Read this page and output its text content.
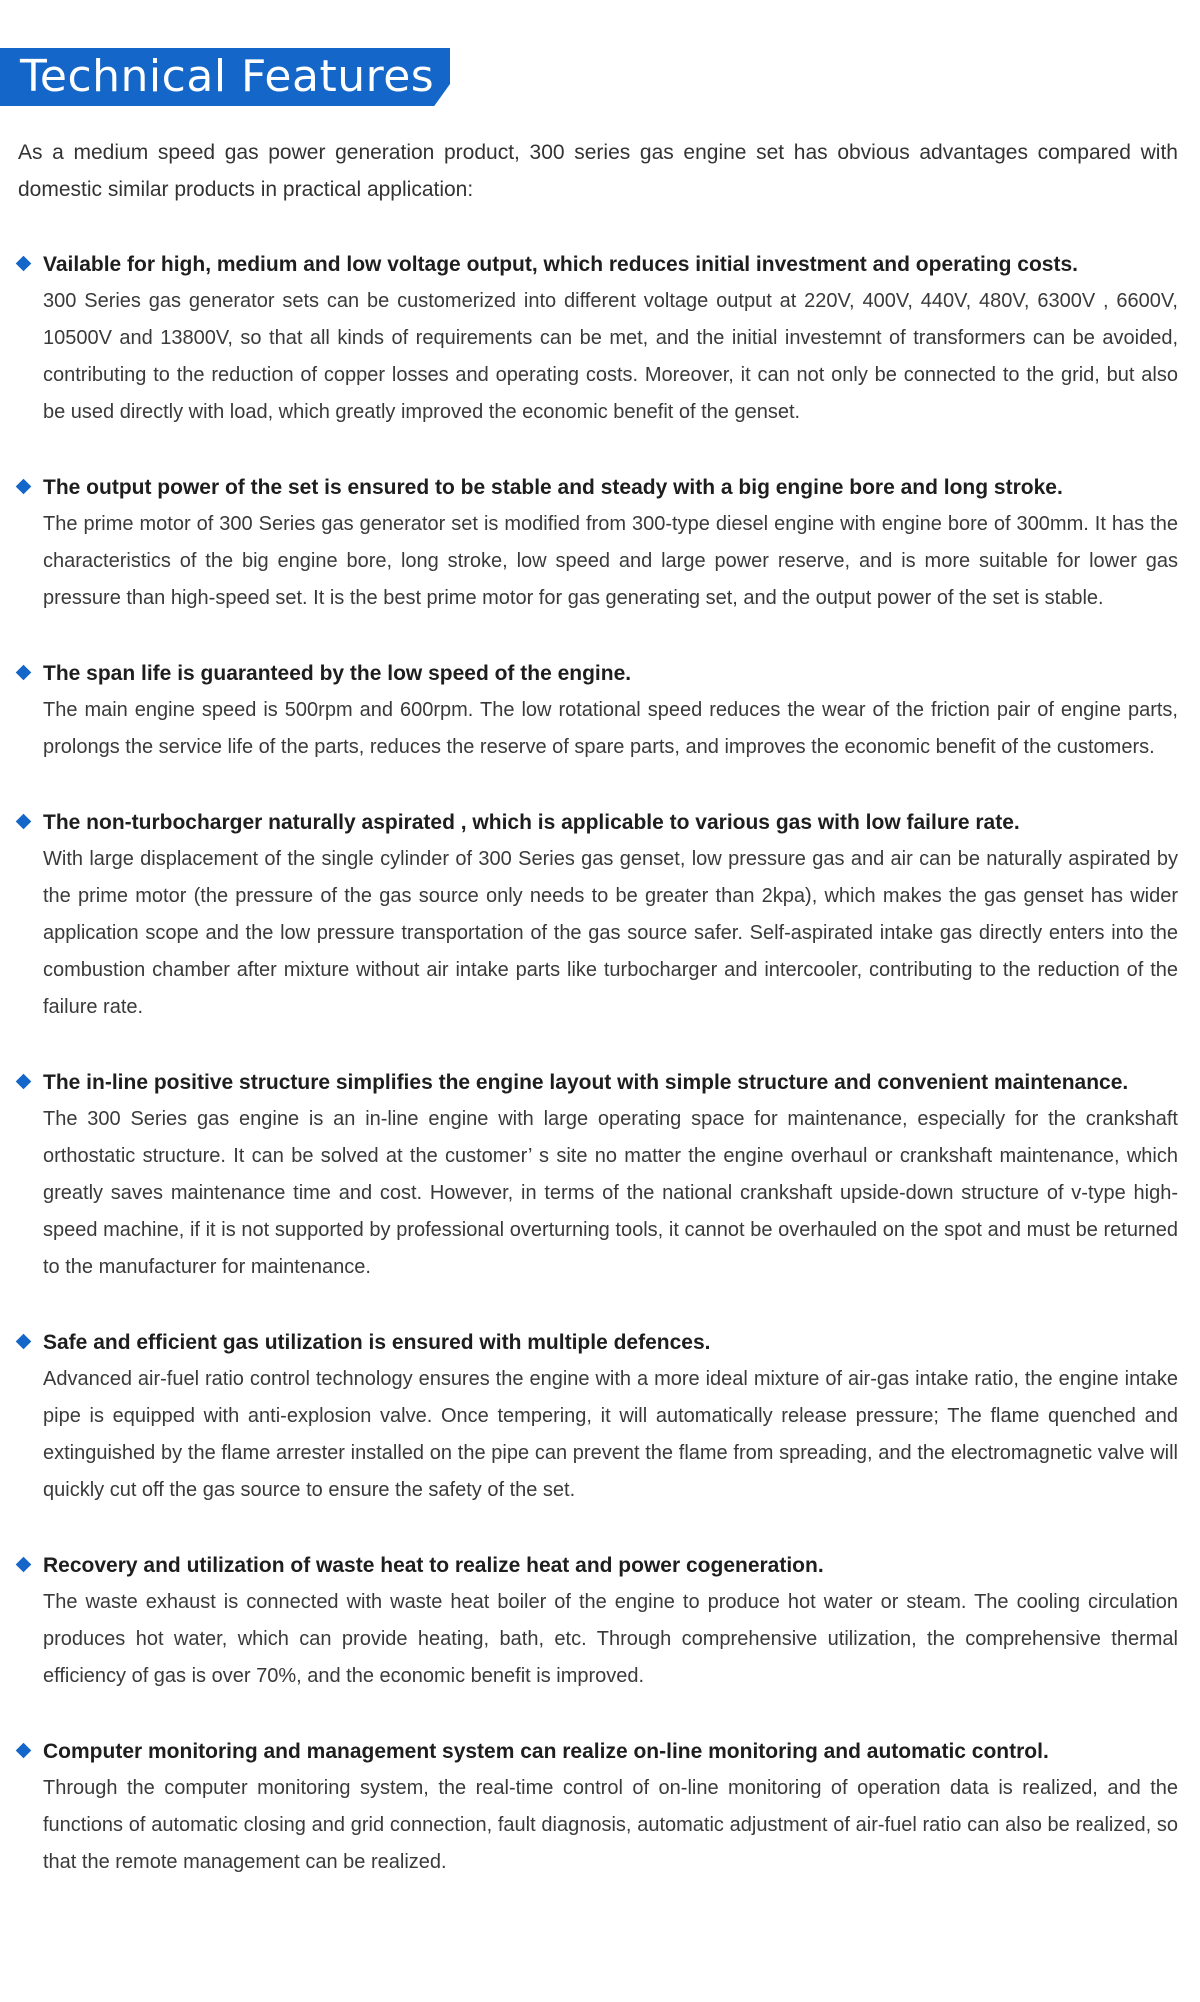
Technical Features

As a medium speed gas power generation product, 300 series gas engine set has obvious advantages compared with domestic similar products in practical application:

Vailable for high, medium and low voltage output, which reduces initial investment and operating costs.

300 Series gas generator sets can be customerized into different voltage output at 220V, 400V, 440V, 480V, 6300V , 6600V, 10500V and 13800V, so that all kinds of requirements can be met, and the initial investemnt of transformers can be avoided, contributing to the reduction of copper losses and operating costs. Moreover, it can not only be connected to the grid, but also be used directly with load, which greatly improved the economic benefit of the genset.

The output power of the set is ensured to be stable and steady with a big engine bore and long stroke.

The prime motor of 300 Series gas generator set is modified from 300-type diesel engine with engine bore of 300mm. It has the characteristics of the big engine bore, long stroke, low speed and large power reserve, and is more suitable for lower gas pressure than high-speed set. It is the best prime motor for gas generating set, and the output power of the set is stable.

The span life is guaranteed by the low speed of the engine.

The main engine speed is 500rpm and 600rpm. The low rotational speed reduces the wear of the friction pair of engine parts, prolongs the service life of the parts, reduces the reserve of spare parts, and improves the economic benefit of the customers.

The non-turbocharger naturally aspirated , which is applicable to various gas with low failure rate.

With large displacement of the single cylinder of 300 Series gas genset, low pressure gas and air can be naturally aspirated by the prime motor (the pressure of the gas source only needs to be greater than 2kpa), which makes the gas genset has wider application scope and the low pressure transportation of the gas source safer. Self-aspirated intake gas directly enters into the combustion chamber after mixture without air intake parts like turbocharger and intercooler, contributing to the reduction of the failure rate.

The in-line positive structure simplifies the engine layout with simple structure and convenient maintenance.

The 300 Series gas engine is an in-line engine with large operating space for maintenance, especially for the crankshaft orthostatic structure. It can be solved at the customer’ s site no matter the engine overhaul or crankshaft maintenance, which greatly saves maintenance time and cost. However, in terms of the national crankshaft upside-down structure of v-type high-speed machine, if it is not supported by professional overturning tools, it cannot be overhauled on the spot and must be returned to the manufacturer for maintenance.

Safe and efficient gas utilization is ensured with multiple defences.

Advanced air-fuel ratio control technology ensures the engine with a more ideal mixture of air-gas intake ratio, the engine intake pipe is equipped with anti-explosion valve. Once tempering, it will automatically release pressure; The flame quenched and extinguished by the flame arrester installed on the pipe can prevent the flame from spreading, and the electromagnetic valve will quickly cut off the gas source to ensure the safety of the set.

Recovery and utilization of waste heat to realize heat and power cogeneration.

The waste exhaust is connected with waste heat boiler of the engine to produce hot water or steam. The cooling circulation produces hot water, which can provide heating, bath, etc. Through comprehensive utilization, the comprehensive thermal efficiency of gas is over 70%, and the economic benefit is improved.

Computer monitoring and management system can realize on-line monitoring and automatic control.

Through the computer monitoring system, the real-time control of on-line monitoring of operation data is realized, and the functions of automatic closing and grid connection, fault diagnosis, automatic adjustment of air-fuel ratio can also be realized, so that the remote management can be realized.
